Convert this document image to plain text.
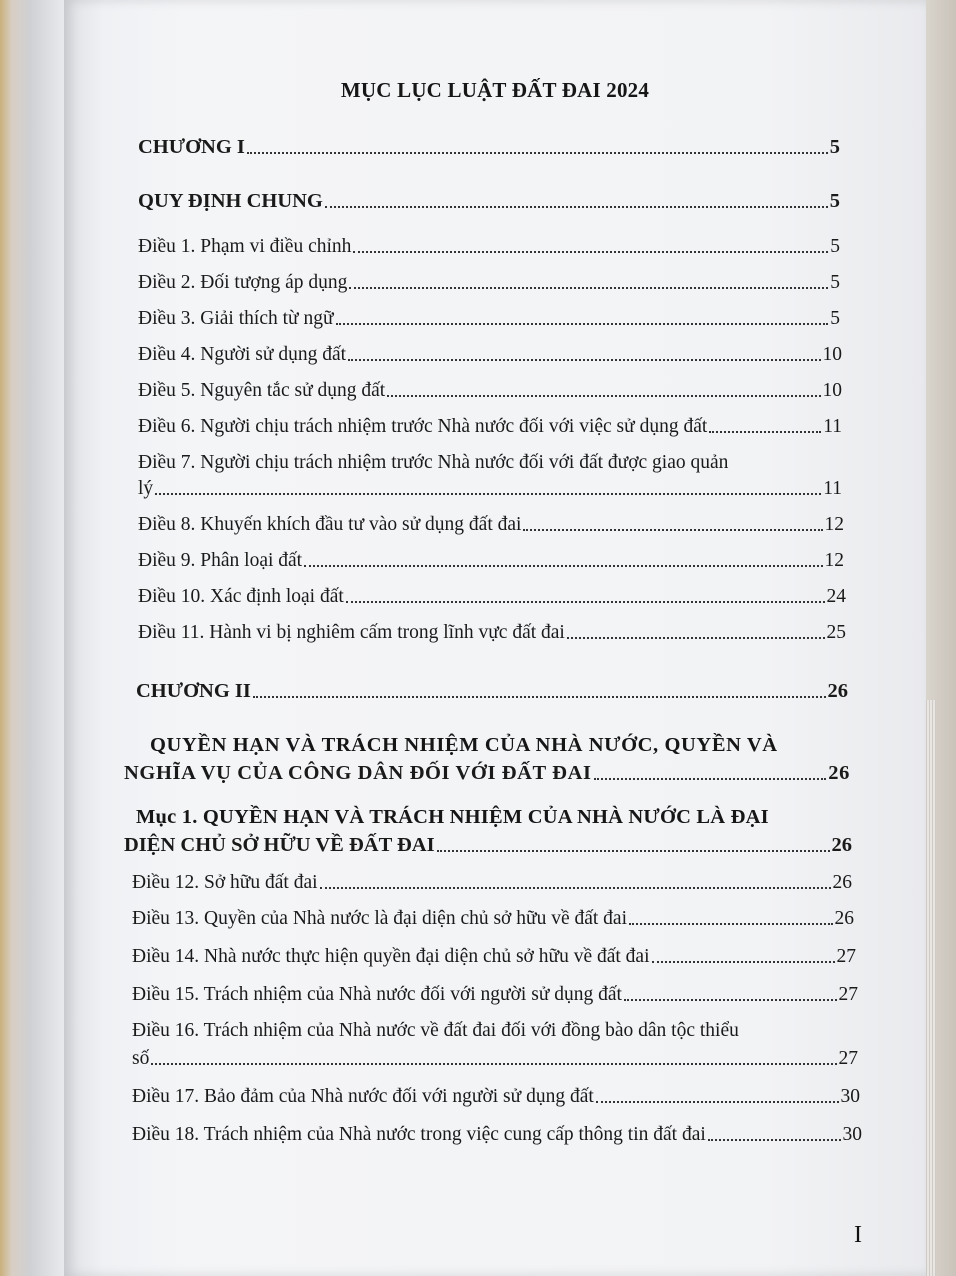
MỤC LỤC LUẬT ĐẤT ĐAI 2024
CHƯƠNG I	5
QUY ĐỊNH CHUNG	5
Điều 1. Phạm vi điều chỉnh	5
Điều 2. Đối tượng áp dụng	5
Điều 3. Giải thích từ ngữ	5
Điều 4. Người sử dụng đất	10
Điều 5. Nguyên tắc sử dụng đất	10
Điều 6. Người chịu trách nhiệm trước Nhà nước đối với việc sử dụng đất	11
Điều 7. Người chịu trách nhiệm trước Nhà nước đối với đất được giao quản
lý	11
Điều 8. Khuyến khích đầu tư vào sử dụng đất đai	12
Điều 9. Phân loại đất	12
Điều 10. Xác định loại đất	24
Điều 11. Hành vi bị nghiêm cấm trong lĩnh vực đất đai	25
CHƯƠNG II	26
QUYỀN HẠN VÀ TRÁCH NHIỆM CỦA NHÀ NƯỚC, QUYỀN VÀ
NGHĨA VỤ CỦA CÔNG DÂN ĐỐI VỚI ĐẤT ĐAI	26
Mục 1. QUYỀN HẠN VÀ TRÁCH NHIỆM CỦA NHÀ NƯỚC LÀ ĐẠI
DIỆN CHỦ SỞ HỮU VỀ ĐẤT ĐAI	26
Điều 12. Sở hữu đất đai	26
Điều 13. Quyền của Nhà nước là đại diện chủ sở hữu về đất đai	26
Điều 14. Nhà nước thực hiện quyền đại diện chủ sở hữu về đất đai	27
Điều 15. Trách nhiệm của Nhà nước đối với người sử dụng đất	27
Điều 16. Trách nhiệm của Nhà nước về đất đai đối với đồng bào dân tộc thiểu
số	27
Điều 17. Bảo đảm của Nhà nước đối với người sử dụng đất	30
Điều 18. Trách nhiệm của Nhà nước trong việc cung cấp thông tin đất đai	30
I
